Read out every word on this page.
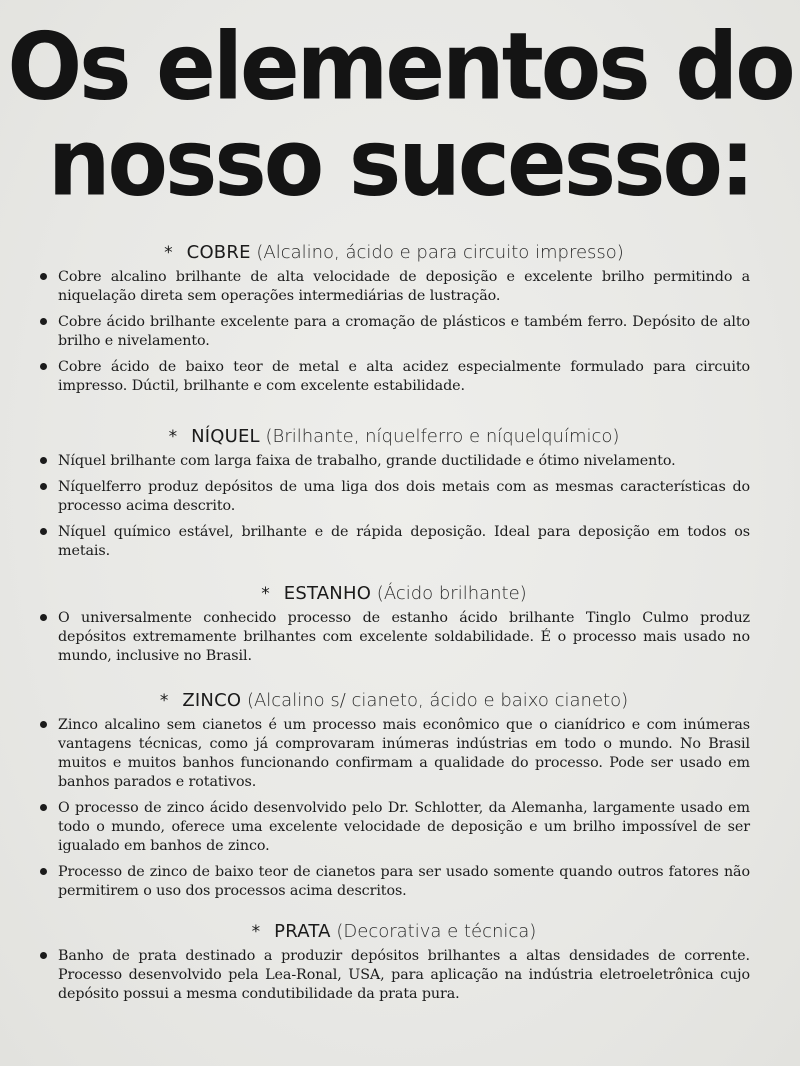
Os elementos do
nosso sucesso:
* COBRE (Alcalino, ácido e para circuito impresso)
Cobre alcalino brilhante de alta velocidade de deposição e excelente brilho permitindo a niquelação direta sem operações intermediárias de lustração.
Cobre ácido brilhante excelente para a cromação de plásticos e também ferro. Depósito de alto brilho e nivelamento.
Cobre ácido de baixo teor de metal e alta acidez especialmente formulado para circuito impresso. Dúctil, brilhante e com excelente estabilidade.
* NÍQUEL (Brilhante, níquelferro e níquelquímico)
Níquel brilhante com larga faixa de trabalho, grande ductilidade e ótimo nivelamento.
Níquelferro produz depósitos de uma liga dos dois metais com as mesmas características do processo acima descrito.
Níquel químico estável, brilhante e de rápida deposição. Ideal para deposição em todos os metais.
* ESTANHO (Ácido brilhante)
O universalmente conhecido processo de estanho ácido brilhante Tinglo Culmo produz depósitos extremamente brilhantes com excelente soldabilidade. É o processo mais usado no mundo, inclusive no Brasil.
* ZINCO (Alcalino s/ cianeto, ácido e baixo cianeto)
Zinco alcalino sem cianetos é um processo mais econômico que o cianídrico e com inúmeras vantagens técnicas, como já comprovaram inúmeras indústrias em todo o mundo. No Brasil muitos e muitos banhos funcionando confirmam a qualidade do processo. Pode ser usado em banhos parados e rotativos.
O processo de zinco ácido desenvolvido pelo Dr. Schlotter, da Alemanha, largamente usado em todo o mundo, oferece uma excelente velocidade de deposição e um brilho impossível de ser igualado em banhos de zinco.
Processo de zinco de baixo teor de cianetos para ser usado somente quando outros fatores não permitirem o uso dos processos acima descritos.
* PRATA (Decorativa e técnica)
Banho de prata destinado a produzir depósitos brilhantes a altas densidades de corrente. Processo desenvolvido pela Lea-Ronal, USA, para aplicação na indústria eletroeletrônica cujo depósito possui a mesma condutibilidade da prata pura.
